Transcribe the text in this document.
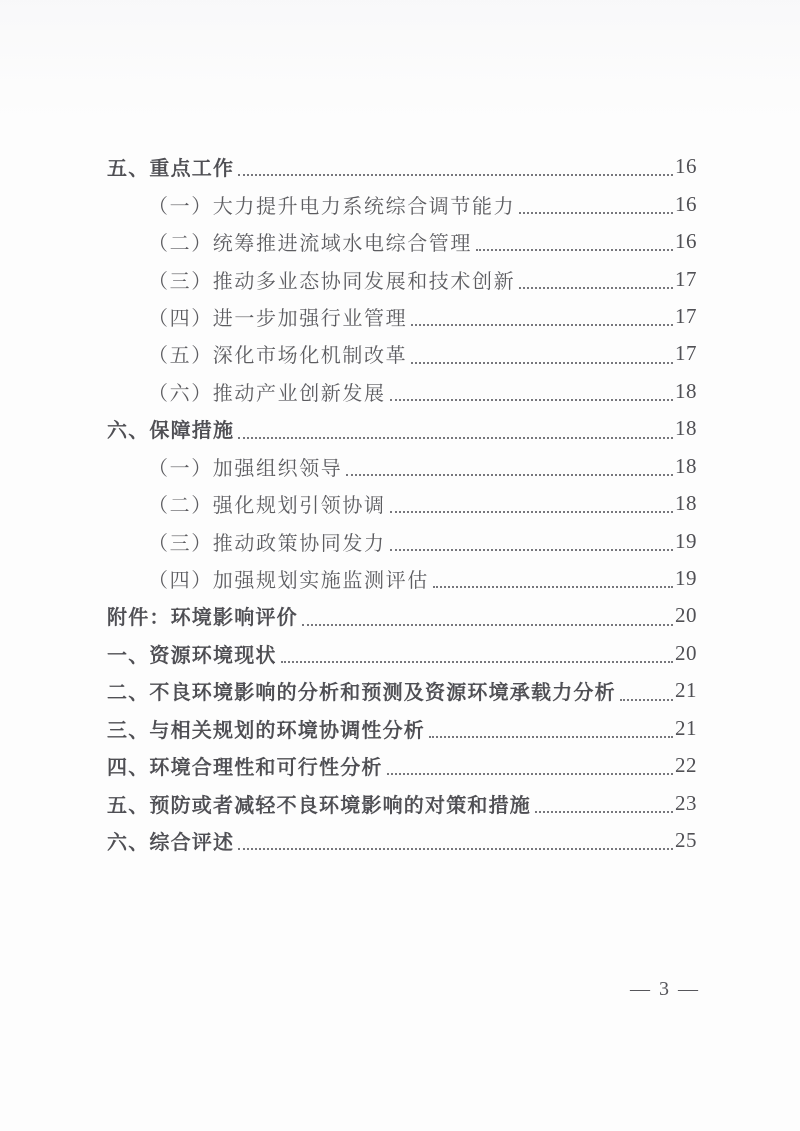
五、重点工作	16
（一）大力提升电力系统综合调节能力	16
（二）统筹推进流域水电综合管理	16
（三）推动多业态协同发展和技术创新	17
（四）进一步加强行业管理	17
（五）深化市场化机制改革	17
（六）推动产业创新发展	18
六、保障措施	18
（一）加强组织领导	18
（二）强化规划引领协调	18
（三）推动政策协同发力	19
（四）加强规划实施监测评估	19
附件：环境影响评价	20
一、资源环境现状	20
二、不良环境影响的分析和预测及资源环境承载力分析	21
三、与相关规划的环境协调性分析	21
四、环境合理性和可行性分析	22
五、预防或者减轻不良环境影响的对策和措施	23
六、综合评述	25
— 3 —
